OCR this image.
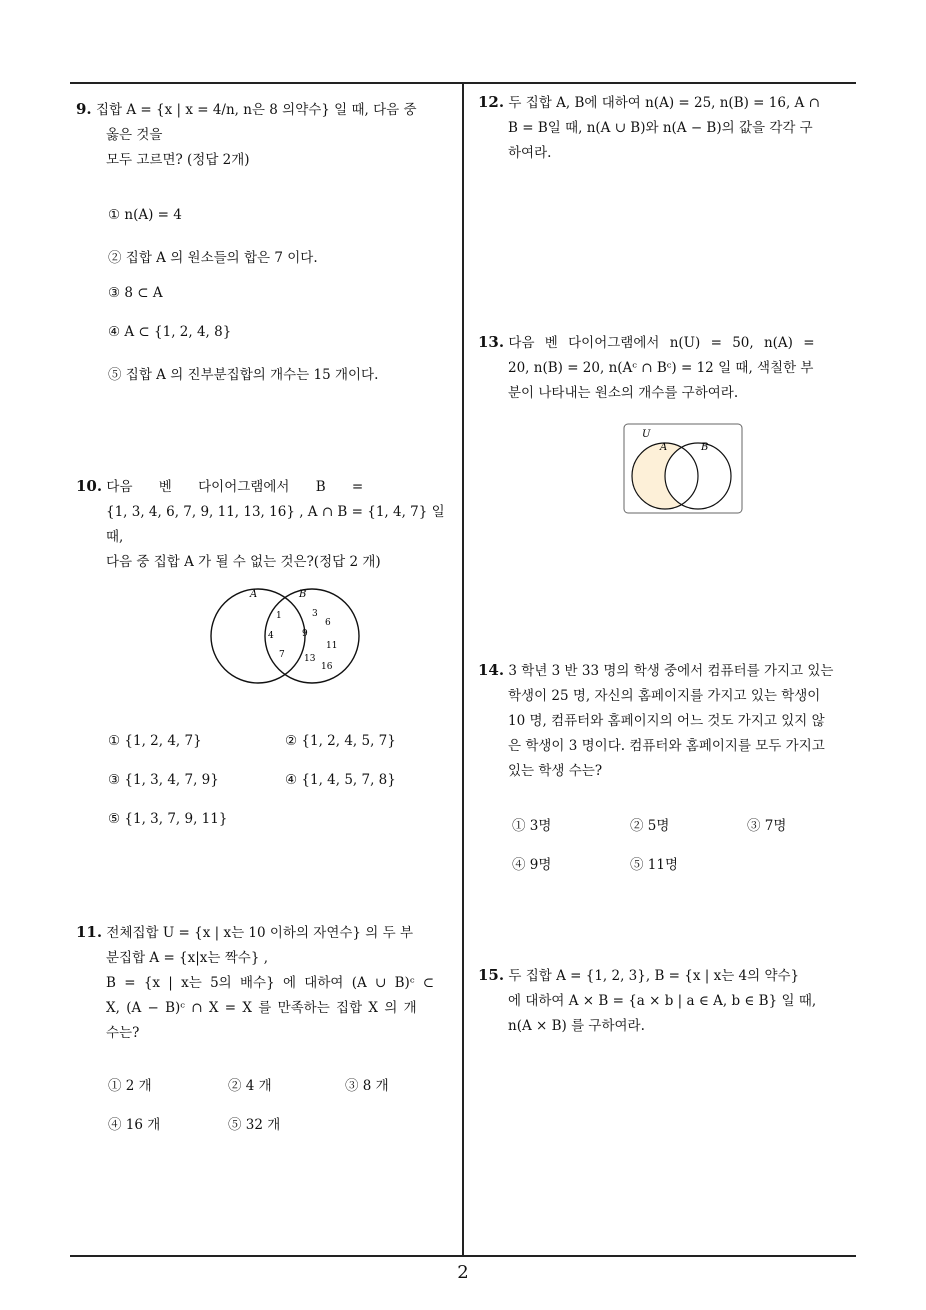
9. 집합 A = {x | x = 4/n, n은 8 의약수} 일 때, 다음 중
옳은 것을
모두 고르면? (정답 2개)
① n(A) = 4
② 집합 A 의 원소들의 합은 7 이다.
③ 8 ⊂ A
④ A ⊂ {1, 2, 4, 8}
⑤ 집합 A 의 진부분집합의 개수는 15 개이다.
10. 다음 벤 다이어그램에서 B =
{1, 3, 4, 6, 7, 9, 11, 13, 16} , A ∩ B = {1, 4, 7} 일
때,
다음 중 집합 A 가 될 수 없는 것은?(정답 2 개)
A	B
1	3
6
4	9
11
7 13
16
① {1, 2, 4, 7}	② {1, 2, 4, 5, 7}
③ {1, 3, 4, 7, 9}	④ {1, 4, 5, 7, 8}
⑤ {1, 3, 7, 9, 11}
11. 전체집합 U = {x | x는 10 이하의 자연수} 의 두 부
분집합 A = {x|x는 짝수} ,
B = {x | x는 5의 배수} 에 대하여 (A ∪ B)ᶜ ⊂
X, (A − B)ᶜ ∩ X = X 를 만족하는 집합 X 의 개
수는?
① 2 개	② 4 개	③ 8 개
④ 16 개	⑤ 32 개
12. 두 집합 A, B에 대하여 n(A) = 25, n(B) = 16, A ∩
B = B일 때, n(A ∪ B)와 n(A − B)의 값을 각각 구
하여라.
13. 다음 벤 다이어그램에서 n(U) = 50, n(A) =
20, n(B) = 20, n(Aᶜ ∩ Bᶜ) = 12 일 때, 색칠한 부
분이 나타내는 원소의 개수를 구하여라.
U
A	B
14. 3 학년 3 반 33 명의 학생 중에서 컴퓨터를 가지고 있는
학생이 25 명, 자신의 홈페이지를 가지고 있는 학생이
10 명, 컴퓨터와 홈페이지의 어느 것도 가지고 있지 않
은 학생이 3 명이다. 컴퓨터와 홈페이지를 모두 가지고
있는 학생 수는?
① 3명	② 5명	③ 7명
④ 9명	⑤ 11명
15. 두 집합 A = {1, 2, 3}, B = {x | x는 4의 약수}
에 대하여 A × B = {a × b | a ∈ A, b ∈ B} 일 때,
n(A × B) 를 구하여라.
2
